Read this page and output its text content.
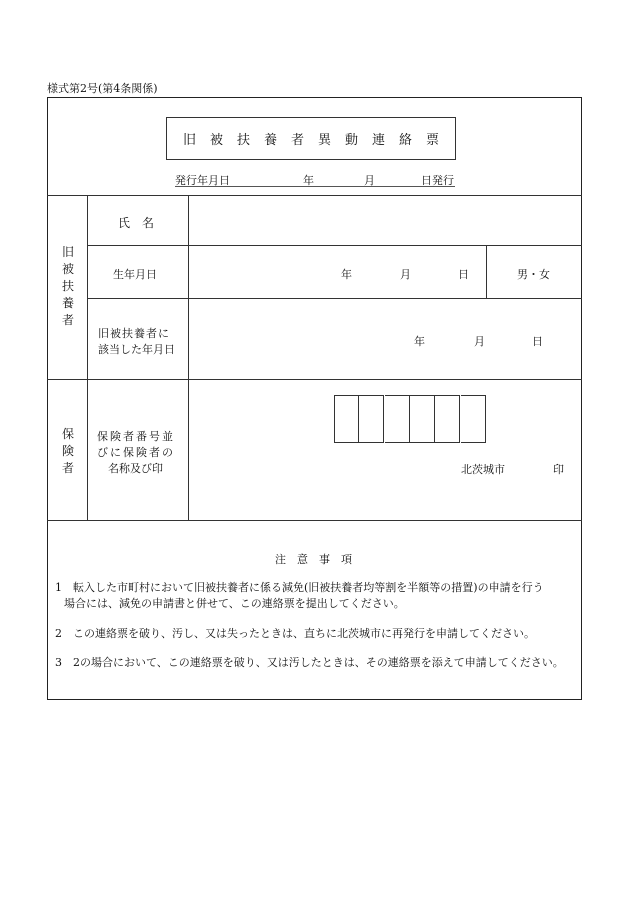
様式第2号(第4条関係)
旧被扶養者異動連絡票
発行年月日	年	月	日発行
旧
被
扶
養
者
氏　名
生年月日	年	月	日	男・女
旧被扶養者に
該当した年月日
年	月	日
保
険
者
保険者番号並
びに保険者の
名称及び印	北茨城市	印
注　意　事　項
1　転入した市町村において旧被扶養者に係る減免(旧被扶養者均等割を半額等の措置)の申請を行う
場合には、減免の申請書と併せて、この連絡票を提出してください。
2　この連絡票を破り、汚し、又は失ったときは、直ちに北茨城市に再発行を申請してください。
3　2の場合において、この連絡票を破り、又は汚したときは、その連絡票を添えて申請してください。
